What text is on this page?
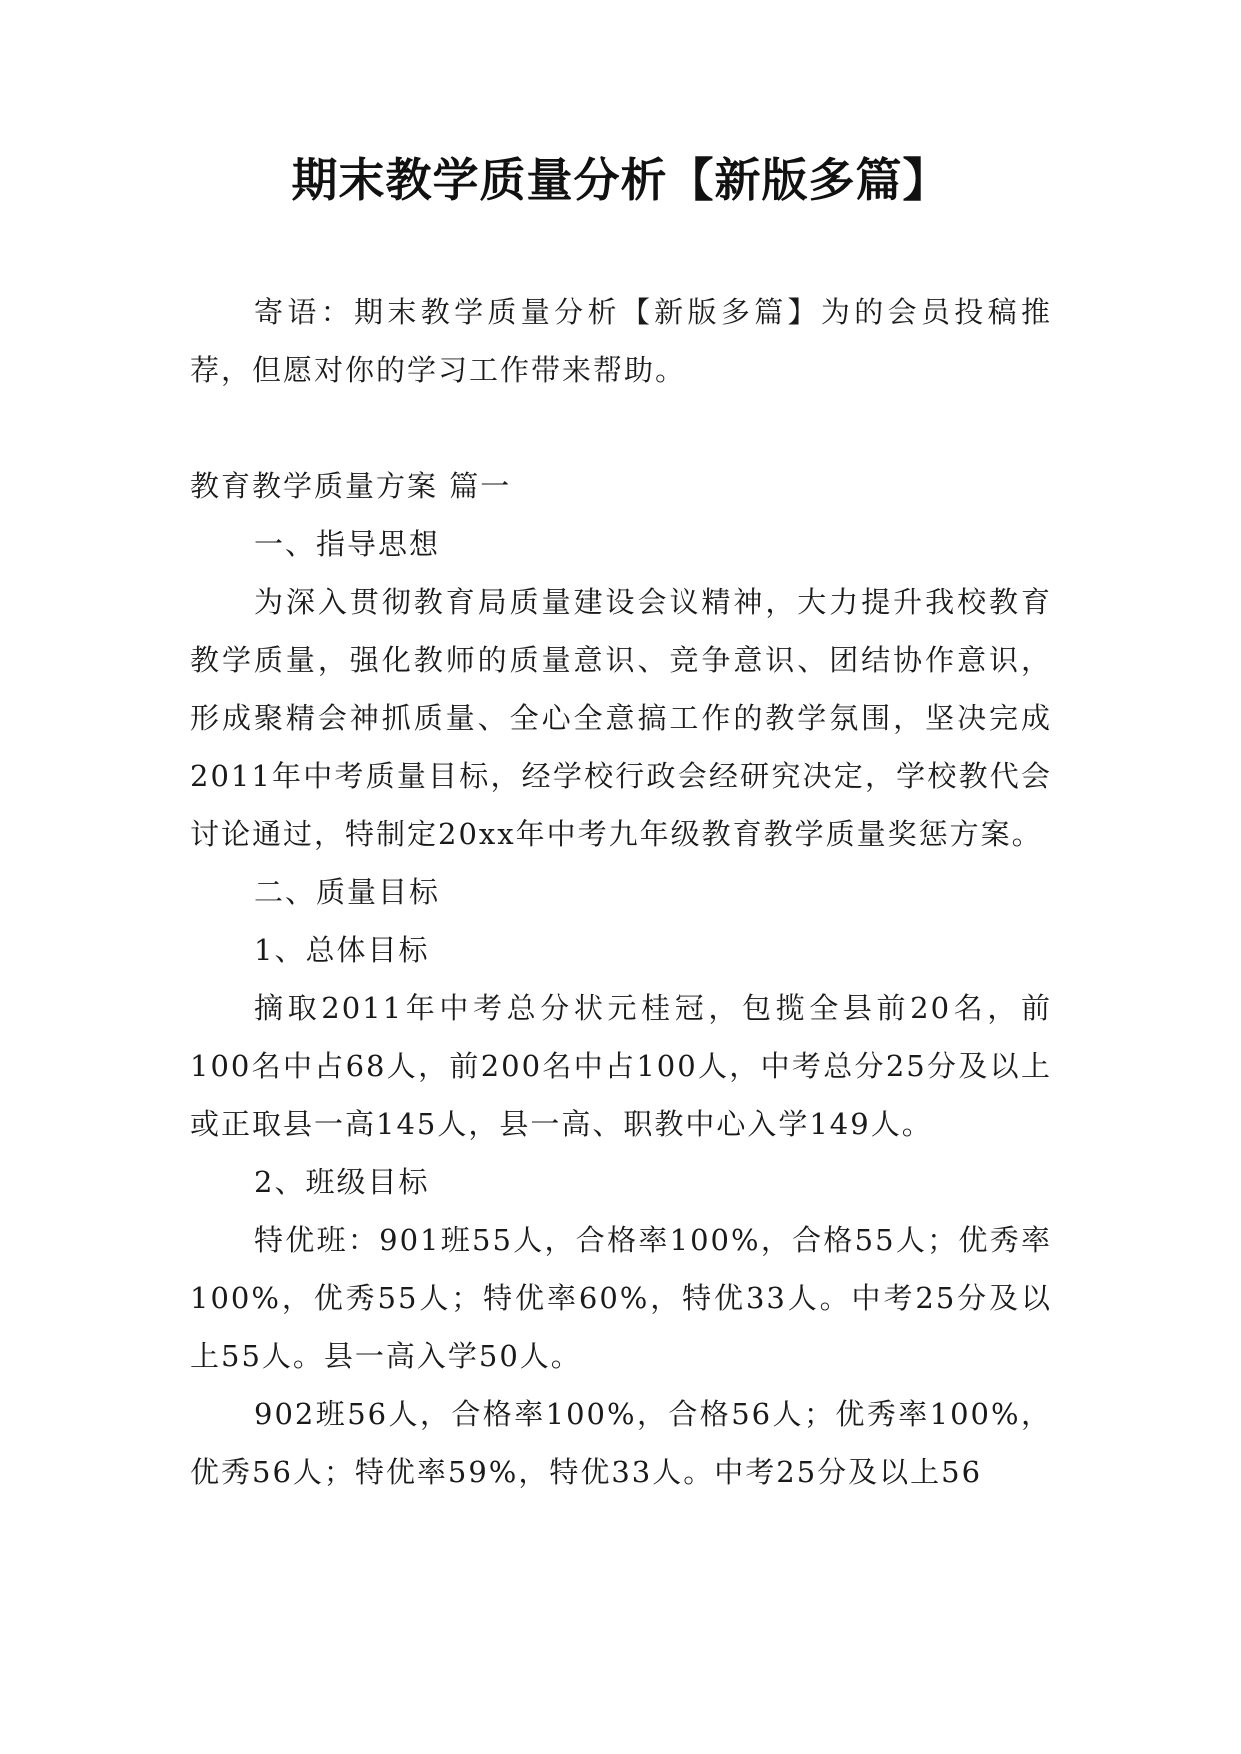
期末教学质量分析【新版多篇】

寄语：期末教学质量分析【新版多篇】为的会员投稿推荐，但愿对你的学习工作带来帮助。

教育教学质量方案 篇一

一、指导思想

为深入贯彻教育局质量建设会议精神，大力提升我校教育教学质量，强化教师的质量意识、竞争意识、团结协作意识，形成聚精会神抓质量、全心全意搞工作的教学氛围，坚决完成2011年中考质量目标，经学校行政会经研究决定，学校教代会讨论通过，特制定20xx年中考九年级教育教学质量奖惩方案。

二、质量目标

1、总体目标

摘取2011年中考总分状元桂冠，包揽全县前20名，前100名中占68人，前200名中占100人，中考总分25分及以上或正取县一高145人，县一高、职教中心入学149人。

2、班级目标

特优班：901班55人，合格率100%，合格55人；优秀率100%，优秀55人；特优率60%，特优33人。中考25分及以上55人。县一高入学50人。

902班56人，合格率100%，合格56人；优秀率100%，优秀56人；特优率59%，特优33人。中考25分及以上56
